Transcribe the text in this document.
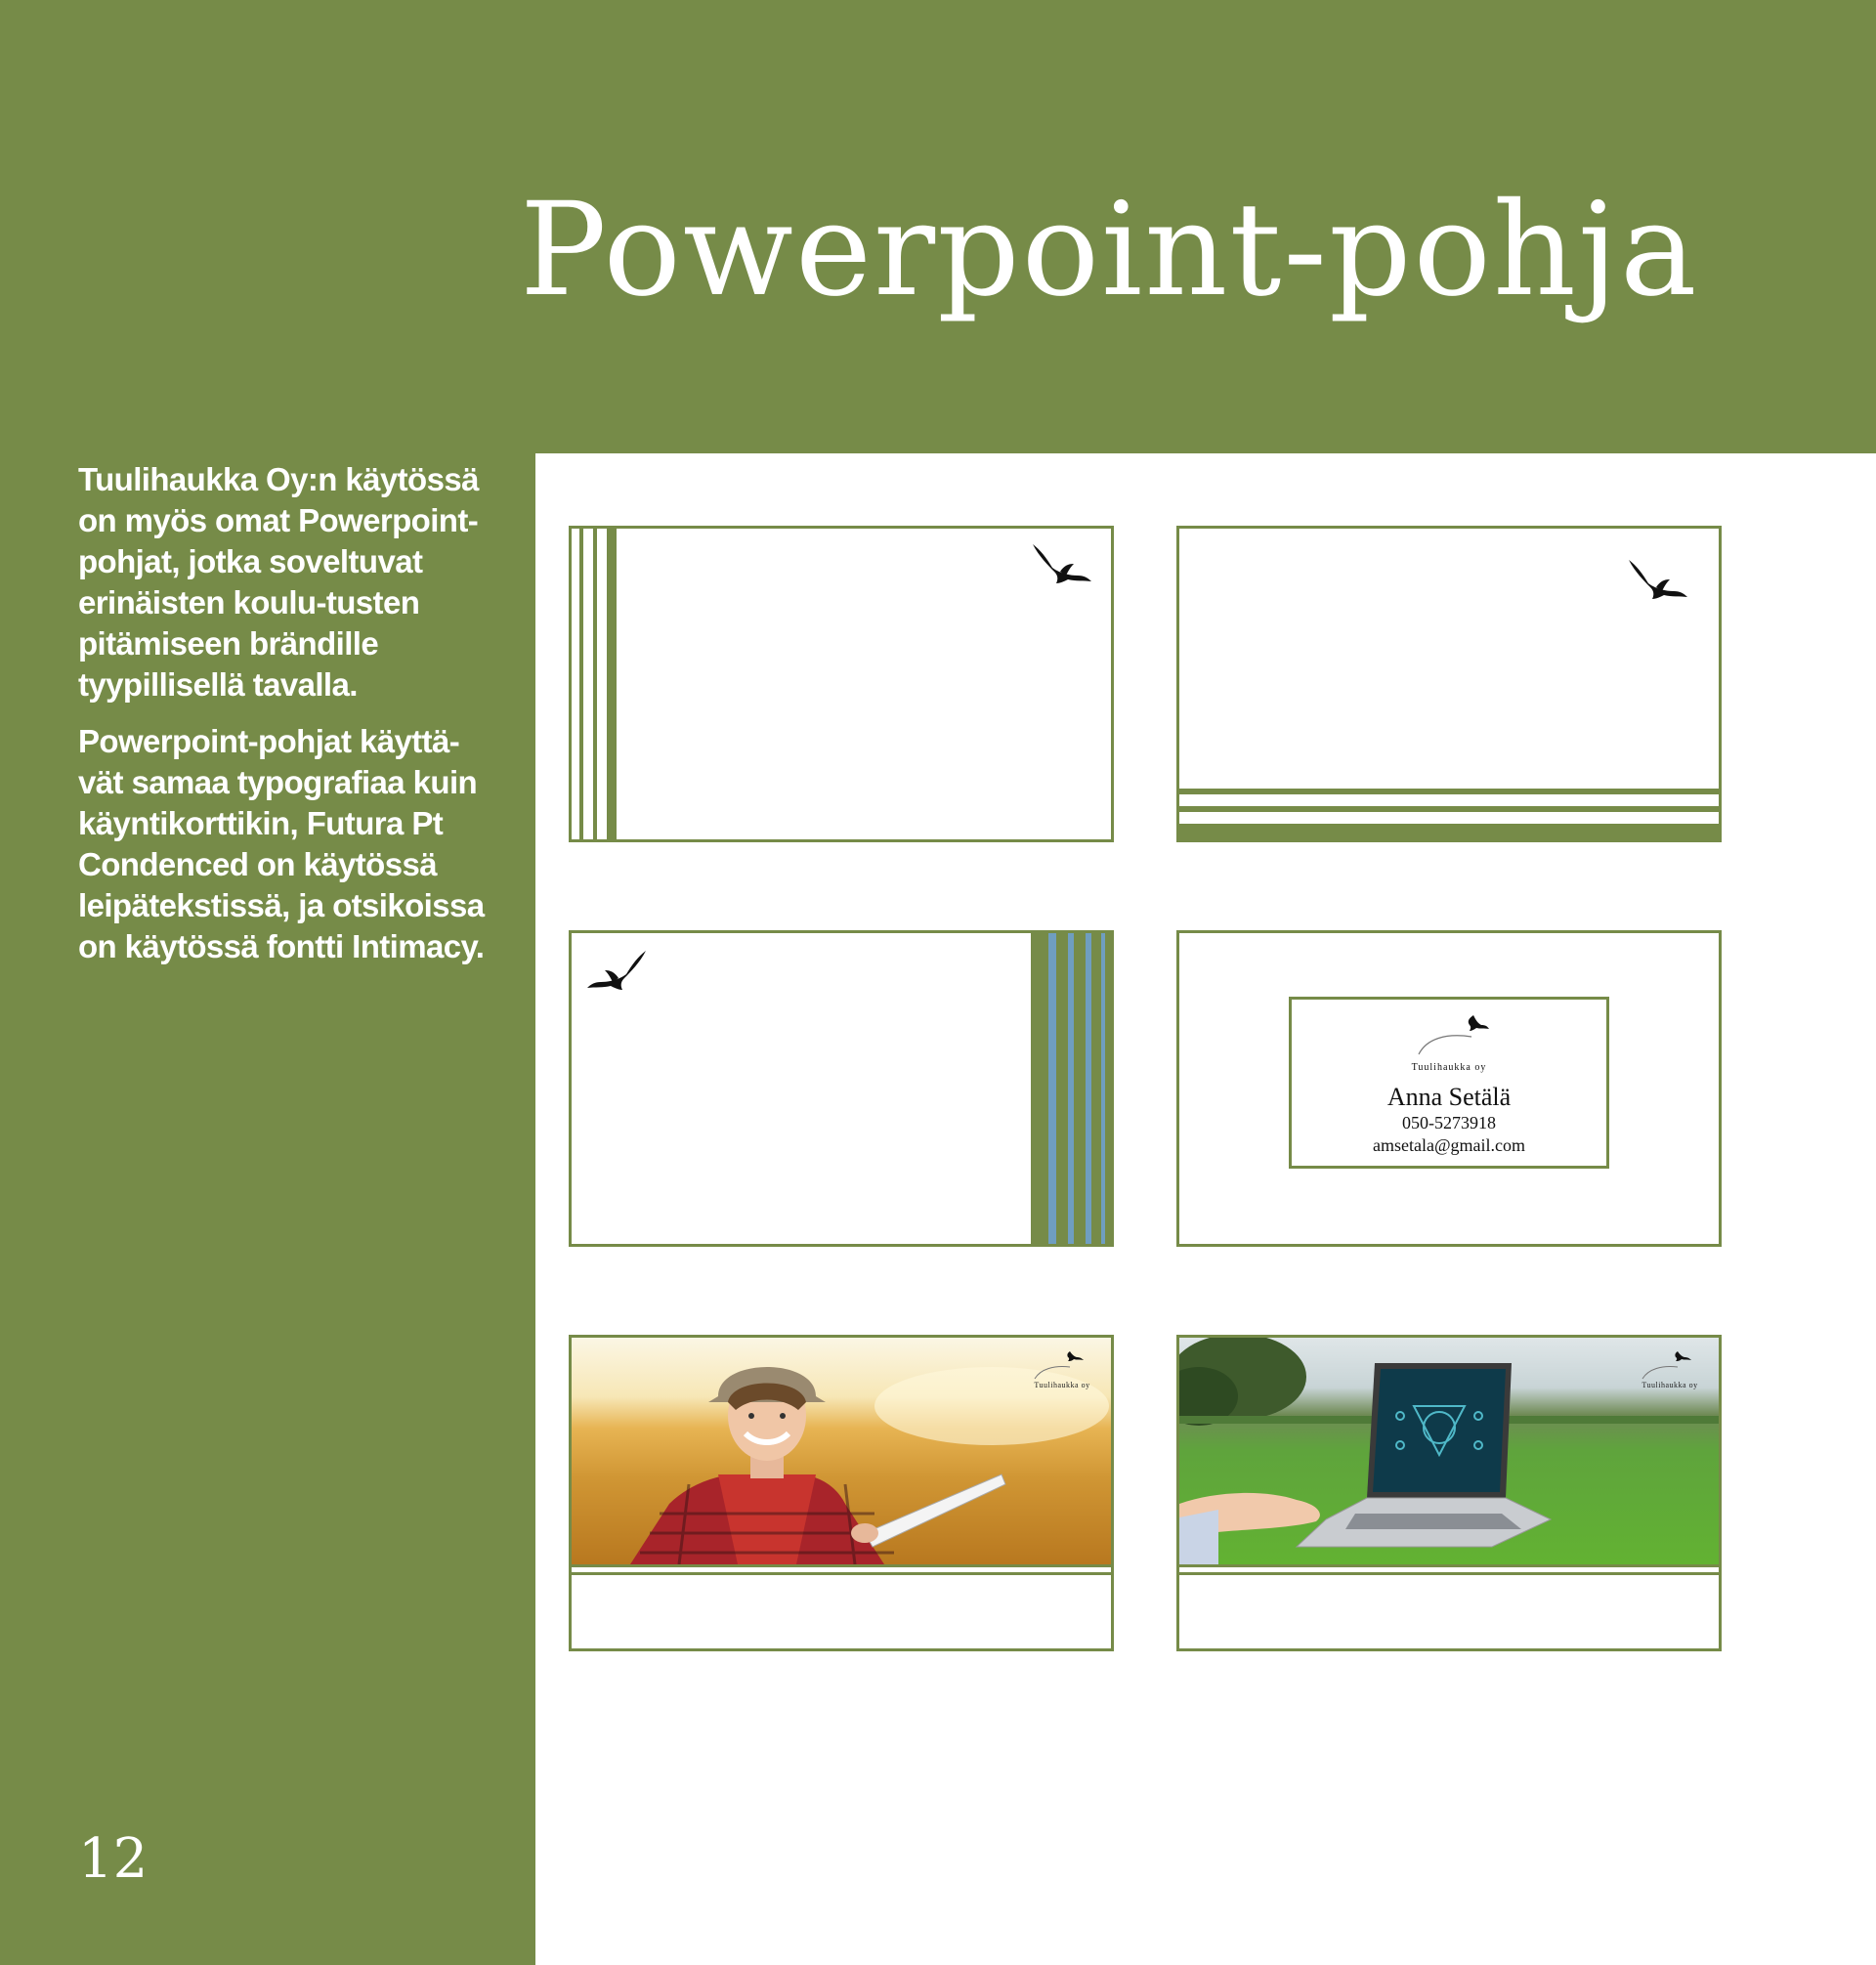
Powerpoint-pohja

Tuulihaukka Oy:n käytössä on myös omat Powerpoint-pohjat, jotka soveltuvat erinäisten koulu-tusten pitämiseen brändille tyypillisellä tavalla.

Powerpoint-pohjat käyttä-vät samaa typografiaa kuin käyntikorttikin, Futura Pt Condenced on käytössä leipätekstissä, ja otsikoissa on käytössä fontti Intimacy.

12
Tuulihaukka oy
Anna Setälä
050-5273918
amsetala@gmail.com
Tuulihaukka oy	Tuulihaukka oy
